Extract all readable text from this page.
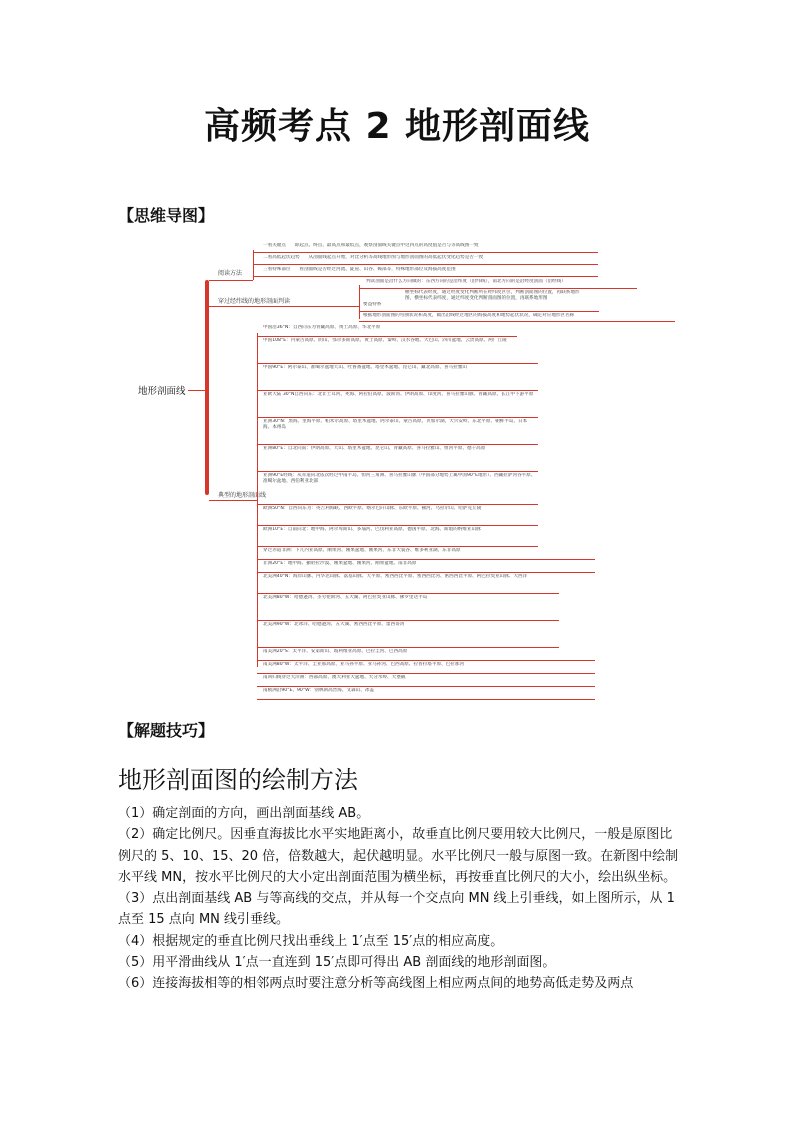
高频考点 2 地形剖面线
【思维导图】
地形剖面线
阅读方法
穿过经纬线的地形剖面判读
典型的地形剖面线
一看关键点 即起点、终点、最高点和最低点，观察剖面线关键点中这四点的高度值是否与等高线图一致
二看高低起伏趋势 从剖面线起点开始，对比分析等高线地形图与地形剖面图的高低起伏变化趋势是否一致
三看特殊部位 看剖面线是否经过河流、陡崖、山谷、鞍部等，特殊地形部位及海拔高度范围
判读剖面是沿什么方向做的：东西方向的是沿纬度（沿纬线），南北方向的是沿经度剖面（沿经线）
要益特系
横坐标代表经度，通过经度变化判断所在经纬度区位，判断剖面图的位置，再联系地形图，横坐标代表纬度，通过纬度变化判断剖面图的位置，再联系地形图
根据地形剖面图的弯曲状况和高度，做出沿线经过地区的海拔高度和地势起伏状况，确定对应地形区名称
中国沿36°N：自西向东为青藏高原、黄土高原、华北平原
中国108°E：内蒙古高原、阴山、鄂尔多斯高原、黄土高原、秦岭、汉水谷地、大巴山、四川盆地、云贵高原、两广丘陵
中国90°E：阿尔泰山、准噶尔盆地天山、吐鲁番盆地、塔里木盆地、昆仑山、藏北高原、喜马拉雅山
亚欧大陆 30°N自西向东：北非土耳河、死海、阿拉伯高原、波斯湾、伊朗高原、印度河、喜马拉雅山脉、青藏高原、长江中下游平原
亚洲30°N：黑海、里海平原、帕米尔高原、塔里木盆地、阿尔泰山、蒙古高原、贝加尔湖、大兴安岭、东北平原、朝鲜半岛、日本海、本州岛
亚洲80°E：自北向南：伊朗高原、天山、塔里木盆地、昆仑山、青藏高原、喜马拉雅山、恒河平原、德干高原
亚洲90°E经线：从赤道向北依次经过中南半岛、恒河三角洲、喜马拉雅山脉（中国部分地势上属中国90°E地形）、西藏拉萨河谷平原、准噶尔盆地、西伯利亚北部
欧洲50°N：自西向东为：英吉利海峡、西欧平原、喀尔巴阡山脉、东欧平原、顿河、乌拉尔山、哈萨克丘陵
欧洲10°E：自南向北：地中海、阿尔卑斯山、多瑙河、巴伐利亚高原、德国平原、北海、斯堪的纳维亚山脉
穿过赤道非洲：下几内亚高原、刚果河、刚果盆地、刚果河、东非大裂谷、维多利亚湖、东非高原
非洲20°E：地中海、撒哈拉沙漠、刚果盆地、刚果河、刚果盆地、南非高原
北美洲40°N：海岸山脉、内华达山脉、落基山脉、大平原、密西西比平原、密西西比河、密西西比平原、阿巴拉契亚山脉、大西洋
北美洲80°W：哈德逊湾、圣劳伦斯河、五大湖、阿巴拉契亚山脉、佛罗里达半岛
北美洲90°W：北冰洋、哈德逊湾、五大湖、密西西比平原、墨西哥湾
南美洲20°S：太平洋、安第斯山、玻利维亚高原、巴拉圭河、巴西高原
南美洲80°W：太平洋、圭亚那高原、亚马孙平原、亚马孙河、巴西高原、拉普拉塔平原、巴拉那河
南回归线穿过大洋洲：西部高原、澳大利亚大盆地、大分水岭、大堡礁
南极洲沿90°E、90°W：别林斯高晋海、文森山、冰盖
【解题技巧】
地形剖面图的绘制方法

（1）确定剖面的方向，画出剖面基线 AB。

（2）确定比例尺。因垂直海拔比水平实地距离小，故垂直比例尺要用较大比例尺，一般是原图比例尺的 5、10、15、20 倍，倍数越大，起伏越明显。水平比例尺一般与原图一致。在新图中绘制水平线 MN，按水平比例尺的大小定出剖面范围为横坐标，再按垂直比例尺的大小，绘出纵坐标。

（3）点出剖面基线 AB 与等高线的交点，并从每一个交点向 MN 线上引垂线，如上图所示，从 1 点至 15 点向 MN 线引垂线。

（4）根据规定的垂直比例尺找出垂线上 1′点至 15′点的相应高度。

（5）用平滑曲线从 1′点一直连到 15′点即可得出 AB 剖面线的地形剖面图。

（6）连接海拔相等的相邻两点时要注意分析等高线图上相应两点间的地势高低走势及两点
